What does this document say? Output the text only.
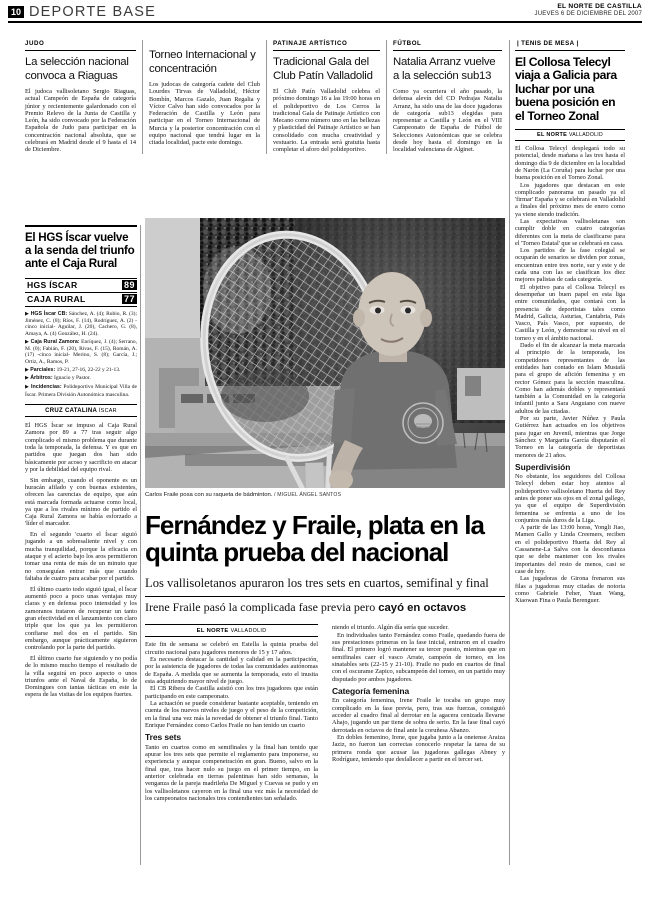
10 DEPORTE BASE	EL NORTE DE CASTILLA
JUEVES 6 DE DICIEMBRE DEL 2007
JUDO
La selección nacional convoca a Riaguas

El judoca vallisoletano Sergio Riaguas, actual Campeón de España de categoría júnior y recientemente galardonado con el Premio Relevo de la Junta de Castilla y León, ha sido convocado por la Federación Española de Judo para participar en la concentración nacional absoluta, que se celebrará en Madrid desde el 9 hasta el 14 de Diciembre.

Torneo Internacional y concentración

Los judocas de categoría cadete del Club Lourdes Tirvas de Valladolid, Héctor Bombín, Marcos Gazalo, Juan Regalia y Víctor Calvo han sido convocados por la Federación de Castilla y León para participar en el Torneo Internacional de Murcia y la posterior concentración con el equipo nacional que tendrá lugar en la citada localidad, pacte este domingo.

PATINAJE ARTÍSTICO
Tradicional Gala del Club Patín Valladolid

El Club Patín Valladolid celebra el próximo domingo 16 a las 19:00 horas en el polideportivo de Los Cerros la tradicional Gala de Patinaje Artístico con Mecano como número uno en las bellezas y plasticidad del Patinaje Artístico se han consolidado con mucha creatividad y vestuario. La entrada será gratuita hasta completar el aforo del polideportivo.

FÚTBOL
Natalia Arranz vuelve a la selección sub13

Como ya ocurriera el año pasado, la defensa alevín del CD Pedrajas Natalia Arranz, ha sido una de las doce jugadoras de categoría sub13 elegidas para representar a Castilla y León en el VIII Campeonato de España de Fútbol de Selecciones Autonómicas que se celebra desde hoy hasta el domingo en la localidad valenciana de Alginet.

El HGS Íscar vuelve a la senda del triunfo ante el Caja Rural
HGS ÍSCAR	89
CAJA RURAL	77
▶ HGS Íscar CB: Sánchez, A. (4); Rubio, R. (3); Jiménez, C. (8); Ríos, F. (14), Rodríguez, A. (2) -cinco inicial- Aguilar, J. (20), Cachero, G. (8), Amaya, A. (4) González, H. (24).
▶ Caja Rural Zamora: Enríquez, J. (4); Serrano, M. (0); Fabián, F. (20), Rivas, F. (15), Román, A. (17) -cinco inicial- Merino, S. (8); García, J.; Ortiz, A., Ramos, P.
▶ Parciales: 19-21, 27-16, 22-22 y 21-13.
▶ Árbitros: Ignacio y Pastor.
▶ Incidencias: Polideportivo Municipal Villa de Íscar. Primera División Autonómica masculina.
CRUZ CATALINA ÍSCAR

El HGS Íscar se impuso al Caja Rural Zamora por 89 a 77 tras seguir algo complicado el mismo problema que durante toda la temporada, la defensa. Y es que en partidos que juegan dos han sido básicamente por acoso y sacrificio en atacar y por la debilidad del equipo rival.

Sin embargo, cuando el oponente es un huracán afilado y con buenas existentes, ofrecen las carencias de equipo, que aún está marcada formada actuarse como local, ya que a los rivales mínimo de partido el Caja Rural Zamora se había esforzado a 'líder el marcador.

En el segundo 'cuarto el Íscar siguió jugando a un sobresaliente nivel y con mucha tranquilidad, porque la eficacia en ataque y el acierto bajo los aros permitieron tomar una renta de más de un minuto que no conseguían entrar más que cuando faltaba de cuatro para acabar por el partido.

El último cuarto todo siguió igual, el Íscar aumentó poco a poco unas ventajas muy claras y en defensa poco intensidad y los zamoranos trataron de recuperar un tanto gran efectividad en el lanzamiento con claro triple que los que ya les permitieron confiarse mel dos en el partido. Sin embargo, aunque prácticamente siguieron controlando por la parte del partido.

El último cuarto fue siguiendo y no podía de lo mismo mucho tiempo el resultado de la villa seguirá en poco aspecto o unos triunfos ante el Naval de España, lo de Domingues con tantas tácticas en este la espera de las visitas de los equipos fuertes.

Carlos Fraile posa con su raqueta de bádminton. / MIGUEL ÁNGEL SANTOS
Fernández y Fraile, plata en la quinta prueba del nacional

Los vallisoletanos apuraron los tres sets en cuartos, semifinal y final

Irene Fraile pasó la complicada fase previa pero cayó en octavos

EL NORTE VALLADOLID

Este fin de semana se celebró en Estella la quinta prueba del circuito nacional para jugadores menores de 15 y 17 años.

Es necesario destacar la cantidad y calidad en la participación, por la asistencia de jugadores de todas las comunidades autónomas de España. A medida que se aumenta la temporada, esto el inusita esta adquiriendo mayor nivel de juego.

El CB Ribera de Castilla asistió con los tres jugadores que están participando en este campeonato.

La actuación se puede considerar bastante aceptable, teniendo en cuenta de los nuevos niveles de juego y el peso de la competición, en la final una vez más la novedad de obtener el triunfo final. Tanto Enrique Fernández como Carlos Fraile no han tenido un cuarto

Tres sets

Tanto en cuartos como en semifinales y la final han tenido que apurar los tres sets que permite el reglamento para imponerse, su experiencia y aunque compenetración en gran. Bueno, salvo en la final que, tras hacer nulo su juego en el primer tiempo, en la anterior celebrada en tierras palentinas han sido semanas, la venganza de la pareja madrileña De Miguel y Cuevas se pudo y en los vallisoletanos cayeron en la final una vez más la necesidad de los campeonatos nacionales tres contendientes tan señalado.

niendo el triunfo. Algún día sería que suceder.

En individuales tanto Fernández como Fraile, quedando fuera de sus prestaciones primeras en la fase inicial, entraron en el cuadro final. El primero logró mantener su tercer puesto, mientras que en semifinales caer el vasco Arrate, campeón de torneo, en los sinatables sets (22-15 y 21-10). Fraile no pudo en cuartos de final con el oscurame Zapico, subcampeón del torneo, en un partido muy disputado por ambos jugadores.

Categoría femenina

En categoría femenina, Irene Fraile le tocaba un grupo muy complicado en la fase previa, pero, tras sus fuerzas, consiguió acceder al cuadro final al derrotar en la agacera cenizada llevarse Ahajo, jugando un par tiene de sobra de serio. En la fase final cayó derrotada en octavos de final ante la coruñesa Abanzo.

En dobles femenino, Irene, que jugaba junto a la onetense Araiza Jaziz, no fueron tan correctas conocerlo respetar la tarea de su primera ronda que acusar las jugadoras gallegas Abney y Rodríguez, teniendo que desfallecer a partir en el tercer set.

| TENIS DE MESA |
El Collosa Telecyl viaja a Galicia para luchar por una buena posición en el Torneo Zonal
EL NORTE VALLADOLID

El Collosa Telecyl desplegará todo su potencial, desde mañana a las tres hasta el domingo día 9 de diciembre en la localidad de Narón (La Coruña) para luchar por una buena posición en el Torneo Zonal.

Los jugadores que destacan en este complicado panorama un pasado ya el 'firmar' España y se celebrará en Valladolid a finales del próximo mes de enero como ya viene siendo tradición.

Las expectativas vallisoletanas son cumplir doble en cuatro categorías diferentes con la meta de clasificarse para el 'Torneo Estatal' que se celebrará en casa.

Los partidos de la fase colegial se ocuparán de senarios se dividen por zonas, encuentran entre tres norte, sur y este y de cada una con las se clasifican los diez mejores palistas de cada categoría.

El objetivo para el Collosa Telecyl es desempeñar un buen papel en esta liga entre comunidades, que contará con la presencia de deportistas tales como Madrid, Galicia, Asturias, Cantabria, País Vasco, País Vasco, por supuesto, de Castilla y León, y demostrar su nivel en el torneo y en el ámbito nacional.

Dado el fin de alcanzar la meta marcada al principio de la temporada, los competidores representantes de las entidades han contado en Islam Mustafá para el grupo de afición femenina y en rector Gómez para la sección masculina. Como han además dobles y representará también a la Comunidad en la categoría infantil junto a Sara Anguiano con nueve adultos de las citadas.

Por su parte, Javier Núñez y Paula Gutiérrez han actuados en los objetivos para jugar en Juvenil, mientras que Jorge Sánchez y Margarita García disputarán el Torneo en la categoría de deportistas menores de 21 años.

Superdivisión

No obstante, los seguidores del Collosa Telecyl deben estar hoy atentos al polideportivo vallisoletano Huerta del Rey antes de poner sus ojos en el zonal gallego, ya que el equipo de Superdivisión femenina se enfrenta a uno de los conjuntos más duros de la Liga.

A partir de las 13:00 horas, Yongli Jiao, Mamen Gallo y Linda Creemers, reciben en el polideportivo Huerta del Rey al Cassanene-La Salva con la desconfianza que se debe mantener con los rivales importantes del resto de menos, casi se case de hoy.

Las jugadoras de Girona frenaron sus filas a jugadoras muy citadas de notoria como Gabriele Feher, Yuan Wang, Xiaowan Fina o Paula Berenguer.
